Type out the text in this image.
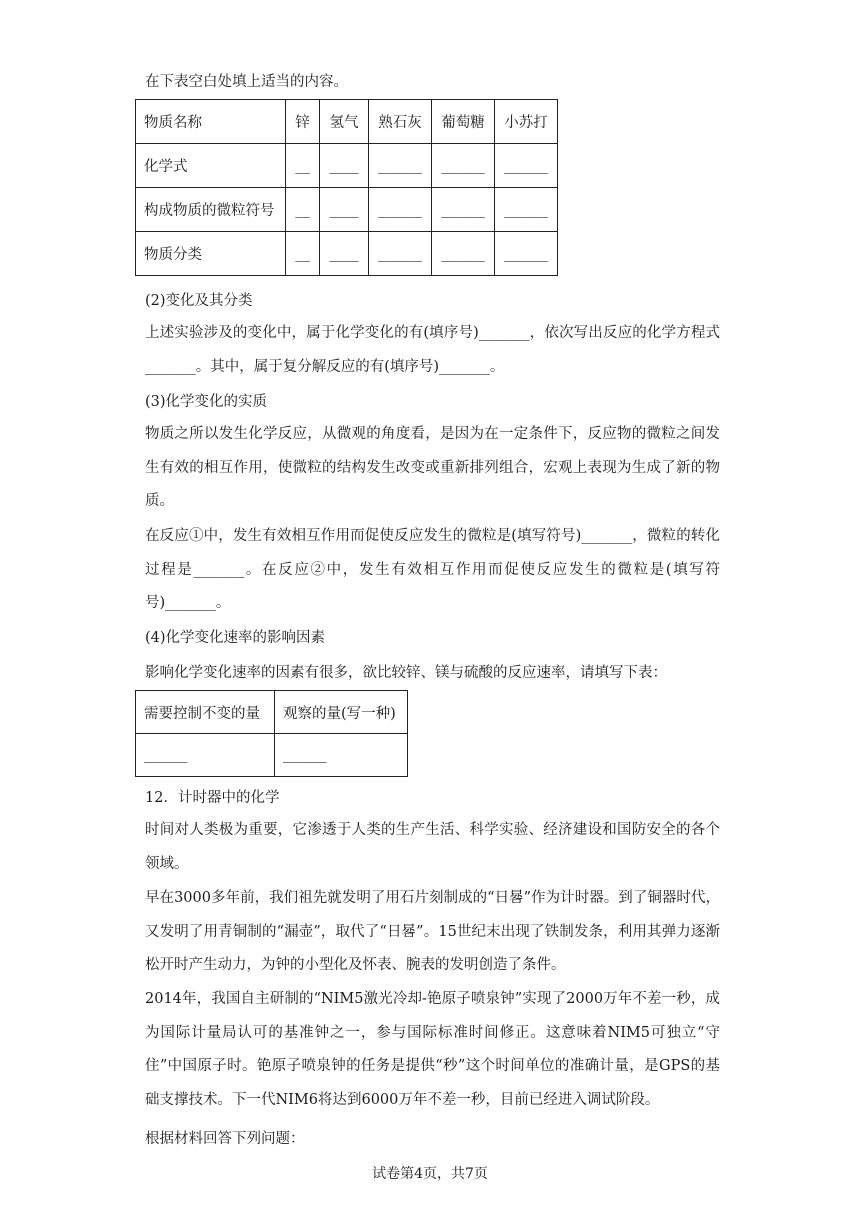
在下表空白处填上适当的内容。

物质名称	锌	氢气	熟石灰	葡萄糖	小苏打
化学式	__	____	______	______	______
构成物质的微粒符号	__	____	______	______	______
物质分类	__	____	______	______	______

(2)变化及其分类

上述实验涉及的变化中，属于化学变化的有(填序号)_______，依次写出反应的化学方程式_______。其中，属于复分解反应的有(填序号)_______。

(3)化学变化的实质

物质之所以发生化学反应，从微观的角度看，是因为在一定条件下，反应物的微粒之间发生有效的相互作用，使微粒的结构发生改变或重新排列组合，宏观上表现为生成了新的物质。

在反应①中，发生有效相互作用而促使反应发生的微粒是(填写符号)_______，微粒的转化过程是_______。在反应②中，发生有效相互作用而促使反应发生的微粒是(填写符号)_______。

(4)化学变化速率的影响因素

影响化学变化速率的因素有很多，欲比较锌、镁与硫酸的反应速率，请填写下表：

需要控制不变的量	观察的量(写一种)
______	______

12．计时器中的化学

时间对人类极为重要，它渗透于人类的生产生活、科学实验、经济建设和国防安全的各个领域。

早在3000多年前，我们祖先就发明了用石片刻制成的“日晷”作为计时器。到了铜器时代，又发明了用青铜制的“漏壶”，取代了“日晷”。15世纪末出现了铁制发条，利用其弹力逐渐松开时产生动力，为钟的小型化及怀表、腕表的发明创造了条件。

2014年，我国自主研制的“NIM5激光冷却-铯原子喷泉钟”实现了2000万年不差一秒，成为国际计量局认可的基准钟之一，参与国际标准时间修正。这意味着NIM5可独立“守住”中国原子时。铯原子喷泉钟的任务是提供“秒”这个时间单位的准确计量，是GPS的基础支撑技术。下一代NIM6将达到6000万年不差一秒，目前已经进入调试阶段。

根据材料回答下列问题：

试卷第4页，共7页
